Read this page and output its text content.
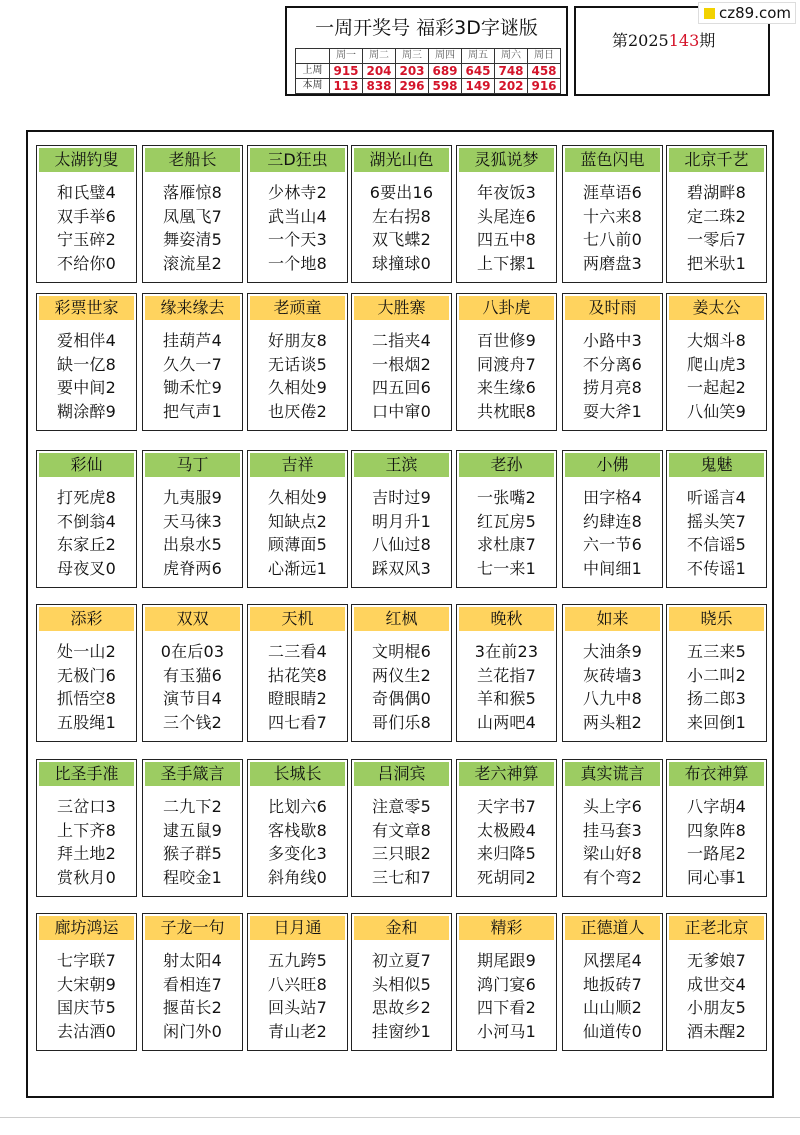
一周开奖号 福彩3D字谜版
	周一	周二	周三	周四	周五	周六	周日
上周	915	204	203	689	645	748	458
本周	113	838	296	598	149	202	916
第2025143期
cz89.com
太湖钓叟
和氏璧4
双手举6
宁玉碎2
不给你0
老船长
落雁惊8
凤凰飞7
舞姿清5
滚流星2
三D狂虫
少林寺2
武当山4
一个天3
一个地8
湖光山色
6要出16
左右拐8
双飞蝶2
球撞球0
灵狐说梦
年夜饭3
头尾连6
四五中8
上下摞1
蓝色闪电
涯草语6
十六来8
七八前0
两磨盘3
北京千艺
碧湖畔8
定二珠2
一零后7
把米驮1
彩票世家
爱相伴4
缺一亿8
要中间2
糊涂醉9
缘来缘去
挂葫芦4
久久一7
锄禾忙9
把气声1
老顽童
好朋友8
无话谈5
久相处9
也厌倦2
大胜寨
二指夹4
一根烟2
四五回6
口中窜0
八卦虎
百世修9
同渡舟7
来生缘6
共枕眠8
及时雨
小路中3
不分离6
捞月亮8
耍大斧1
姜太公
大烟斗8
爬山虎3
一起起2
八仙笑9
彩仙
打死虎8
不倒翁4
东家丘2
母夜叉0
马丁
九夷服9
天马徕3
出泉水5
虎脊两6
吉祥
久相处9
知缺点2
顾薄面5
心渐远1
王滨
吉时过9
明月升1
八仙过8
踩双风3
老孙
一张嘴2
红瓦房5
求杜康7
七一来1
小佛
田字格4
约肆连8
六一节6
中间细1
鬼魅
听谣言4
摇头笑7
不信谣5
不传谣1
添彩
处一山2
无极门6
抓悟空8
五股绳1
双双
0在后03
有玉猫6
演节目4
三个钱2
天机
二三看4
拈花笑8
瞪眼睛2
四七看7
红枫
文明棍6
两仪生2
奇偶偶0
哥们乐8
晚秋
3在前23
兰花指7
羊和猴5
山两吧4
如来
大油条9
灰砖墙3
八九中8
两头粗2
晓乐
五三来5
小二叫2
扬二郎3
来回倒1
比圣手准
三岔口3
上下齐8
拜土地2
赏秋月0
圣手箴言
二九下2
逮五鼠9
猴子群5
程咬金1
长城长
比划六6
客栈歇8
多变化3
斜角线0
吕洞宾
注意零5
有文章8
三只眼2
三七和7
老六神算
天字书7
太极殿4
来归降5
死胡同2
真实谎言
头上字6
挂马套3
梁山好8
有个弯2
布衣神算
八字胡4
四象阵8
一路尾2
同心事1
廊坊鸿运
七字联7
大宋朝9
国庆节5
去沽酒0
子龙一句
射太阳4
看相连7
揠苗长2
闲门外0
日月通
五九跨5
八兴旺8
回头站7
青山老2
金和
初立夏7
头相似5
思故乡2
挂窗纱1
精彩
期尾跟9
鸿门宴6
四下看2
小河马1
正德道人
风摆尾4
地扳砖7
山山顺2
仙道传0
正老北京
无爹娘7
成世交4
小朋友5
酒未醒2
